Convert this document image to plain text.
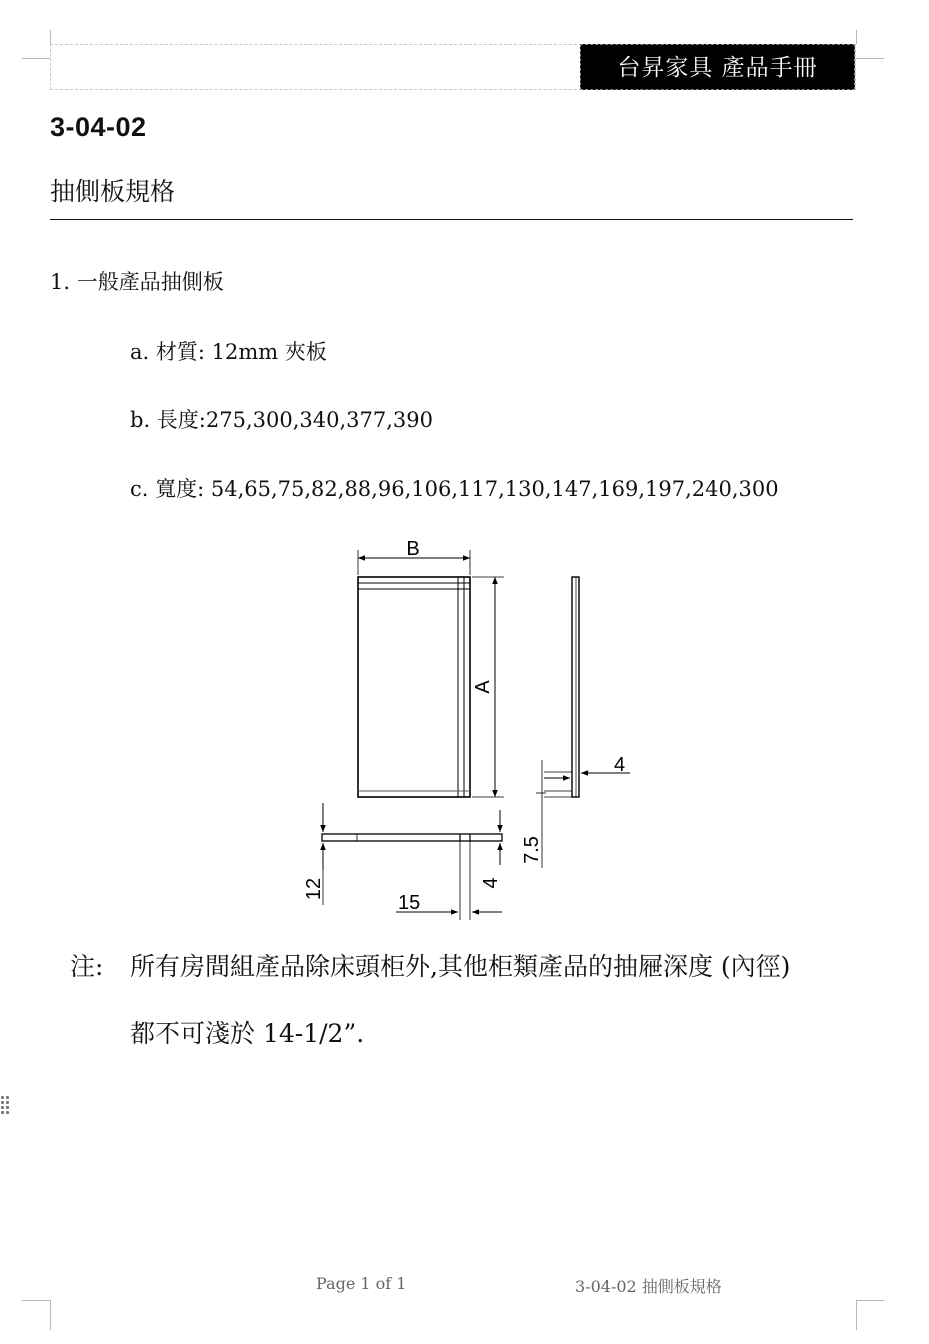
台昇家具 產品手冊
3-04-02
抽側板規格
1. 一般產品抽側板
a. 材質: 12mm 夾板
b. 長度:275,300,340,377,390
c. 寬度: 54,65,75,82,88,96,106,117,130,147,169,197,240,300
B
A
4
7.5
12
15
4
注: 所有房間組產品除床頭柜外,其他柜類產品的抽屜深度 (內徑)
都不可淺於 14-1/2”.
Page 1 of 1	3-04-02 抽側板規格
